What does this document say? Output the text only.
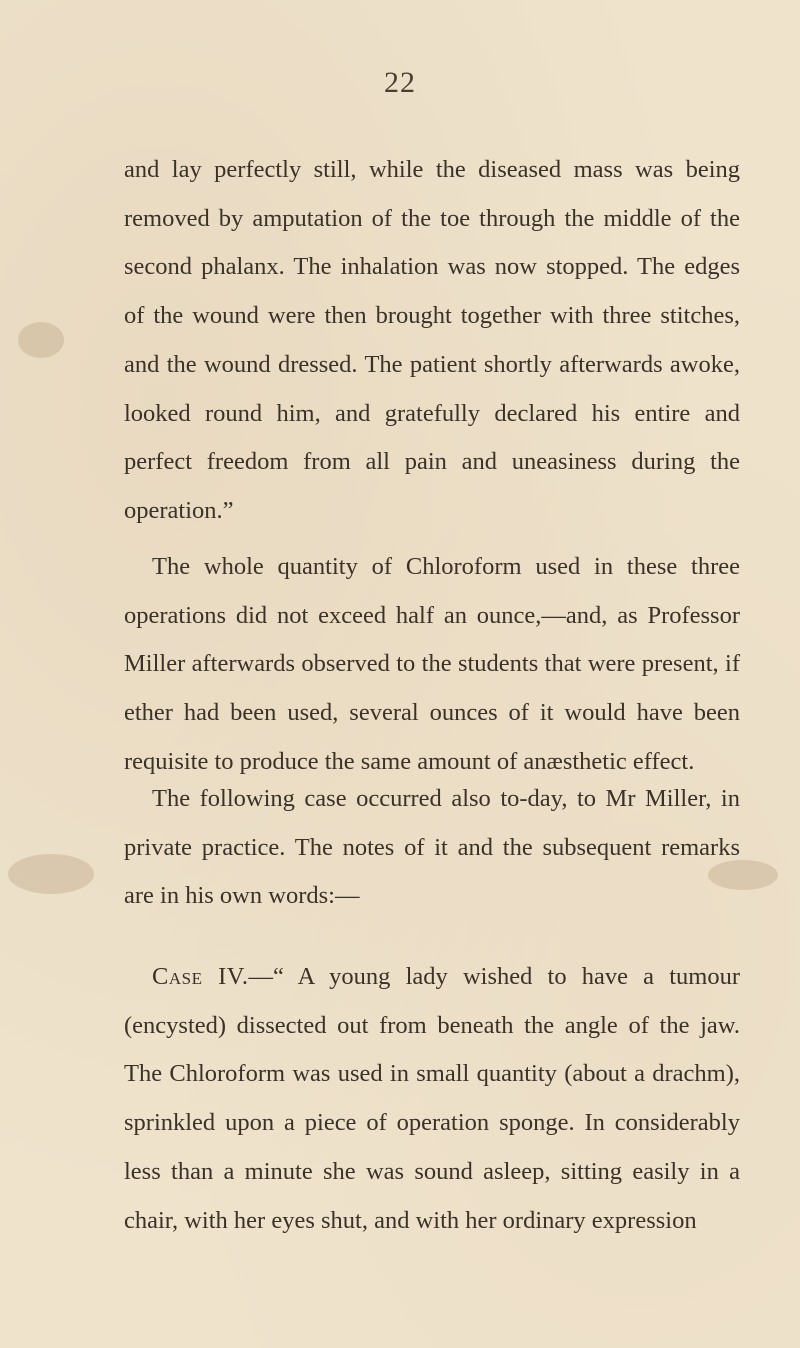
22

and lay perfectly still, while the diseased mass was being removed by amputation of the toe through the middle of the second phalanx. The inhalation was now stopped. The edges of the wound were then brought together with three stitches, and the wound dressed. The patient shortly afterwards awoke, looked round him, and gratefully declared his entire and perfect freedom from all pain and uneasiness during the operation.”

The whole quantity of Chloroform used in these three operations did not exceed half an ounce,—and, as Professor Miller afterwards observed to the students that were present, if ether had been used, several ounces of it would have been requisite to produce the same amount of anæsthetic effect.

The following case occurred also to-day, to Mr Miller, in private practice. The notes of it and the subsequent remarks are in his own words:—

Case IV.—“ A young lady wished to have a tumour (encysted) dissected out from beneath the angle of the jaw. The Chloroform was used in small quantity (about a drachm), sprinkled upon a piece of operation sponge. In considerably less than a minute she was sound asleep, sitting easily in a chair, with her eyes shut, and with her ordinary expression
